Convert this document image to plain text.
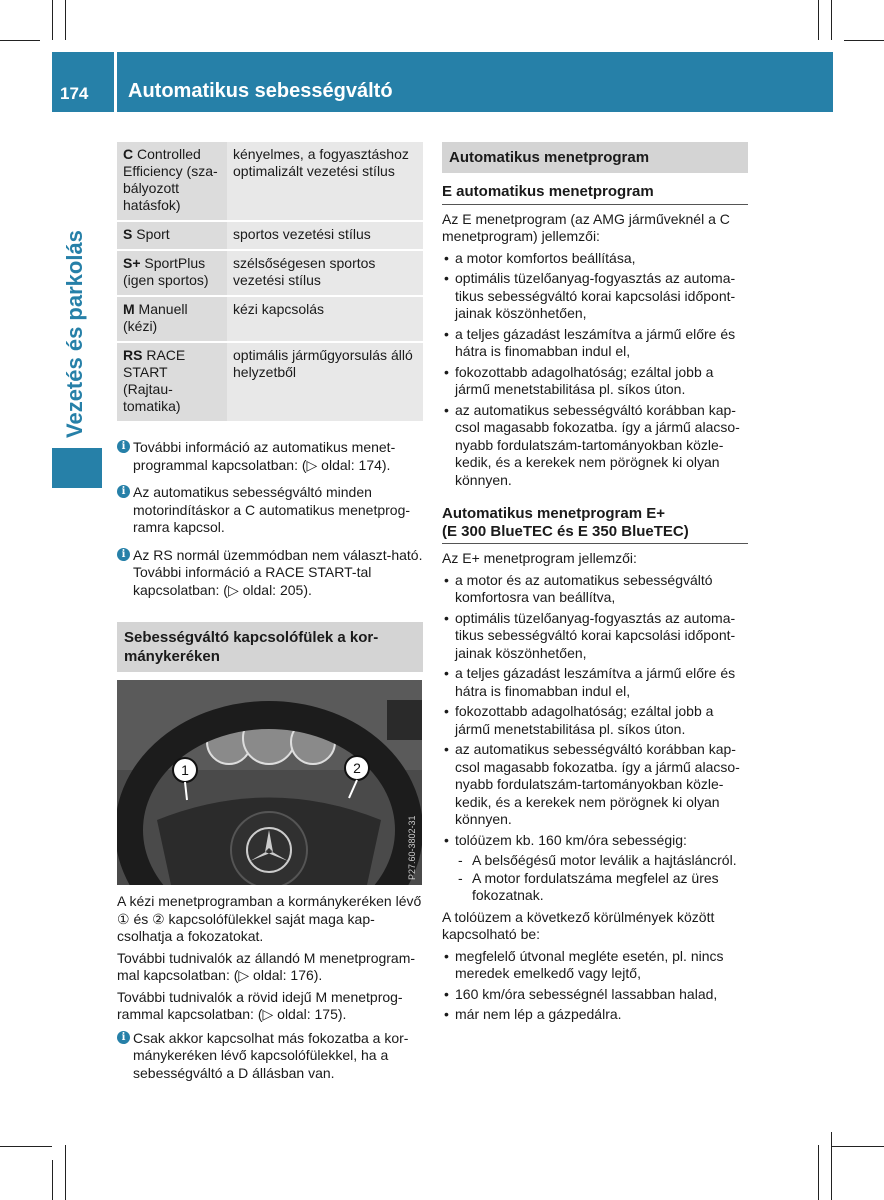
174 Automatikus sebességváltó
Vezetés és parkolás
C Controlled Efficiency (sza-bályozott hatásfok)	kényelmes, a fogyasztáshoz optimalizált vezetési stílus
S Sport	sportos vezetési stílus
S+ SportPlus (igen sportos)	szélsőségesen sportos vezetési stílus
M Manuell (kézi)	kézi kapcsolás
RS RACE START (Rajtau-tomatika)	optimális járműgyorsulás álló helyzetből
i További információ az automatikus menet-programmal kapcsolatban: (▷ oldal: 174).
i Az automatikus sebességváltó minden motorindításkor a C automatikus menetprog-ramra kapcsol.
i Az RS normál üzemmódban nem választ-ható. További információ a RACE START-tal kapcsolatban: (▷ oldal: 205).
Sebességváltó kapcsolófülek a kor-mánykeréken
1	2
P27.60-3802-31

A kézi menetprogramban a kormánykeréken lévő ① és ② kapcsolófülekkel saját maga kap-csolhatja a fokozatokat.

További tudnivalók az állandó M menetprogram-mal kapcsolatban: (▷ oldal: 176).

További tudnivalók a rövid idejű M menetprog-rammal kapcsolatban: (▷ oldal: 175).

i Csak akkor kapcsolhat más fokozatba a kor-mánykeréken lévő kapcsolófülekkel, ha a sebességváltó a D állásban van.
Automatikus menetprogram
E automatikus menetprogram

Az E menetprogram (az AMG járműveknél a C menetprogram) jellemzői:

• a motor komfortos beállítása,
• optimális tüzelőanyag-fogyasztás az automa-tikus sebességváltó korai kapcsolási időpont-jainak köszönhetően,
• a teljes gázadást leszámítva a jármű előre és hátra is finomabban indul el,
• fokozottabb adagolhatóság; ezáltal jobb a jármű menetstabilitása pl. síkos úton.
• az automatikus sebességváltó korábban kap-csol magasabb fokozatba. így a jármű alacso-nyabb fordulatszám-tartományokban közle-kedik, és a kerekek nem pörögnek ki olyan könnyen.
Automatikus menetprogram E+
(E 300 BlueTEC és E 350 BlueTEC)

Az E+ menetprogram jellemzői:

• a motor és az automatikus sebességváltó komfortosra van beállítva,
• optimális tüzelőanyag-fogyasztás az automa-tikus sebességváltó korai kapcsolási időpont-jainak köszönhetően,
• a teljes gázadást leszámítva a jármű előre és hátra is finomabban indul el,
• fokozottabb adagolhatóság; ezáltal jobb a jármű menetstabilitása pl. síkos úton.
• az automatikus sebességváltó korábban kap-csol magasabb fokozatba. így a jármű alacso-nyabb fordulatszám-tartományokban közle-kedik, és a kerekek nem pörögnek ki olyan könnyen.
• tolóüzem kb. 160 km/óra sebességig:
- A belsőégésű motor leválik a hajtásláncról.
- A motor fordulatszáma megfelel az üres fokozatnak.

A tolóüzem a következő körülmények között kapcsolható be:

• megfelelő útvonal megléte esetén, pl. nincs meredek emelkedő vagy lejtő,
• 160 km/óra sebességnél lassabban halad,
• már nem lép a gázpedálra.
